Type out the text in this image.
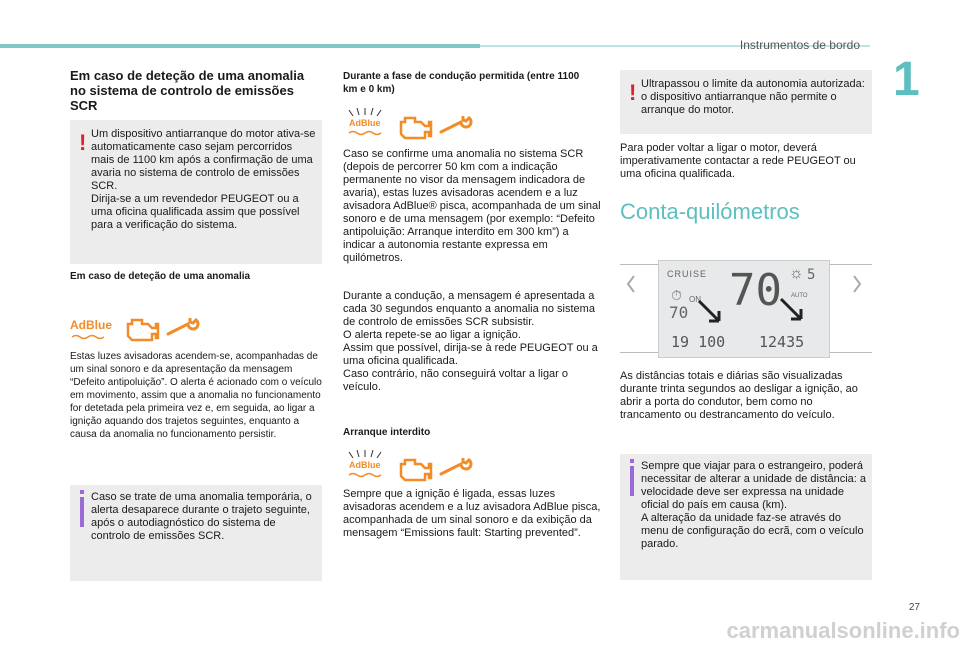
Instrumentos de bordo
1
Em caso de deteção de uma anomalia no sistema de controlo de emissões SCR
! Um dispositivo antiarranque do motor ativa-se automaticamente caso sejam percorridos mais de 1100 km após a confirmação de uma avaria no sistema de controlo de emissões SCR.
Dirija-se a um revendedor PEUGEOT ou a uma oficina qualificada assim que possível para a verificação do sistema.
Em caso de deteção de uma anomalia
AdBlue
Estas luzes avisadoras acendem-se, acompanhadas de um sinal sonoro e da apresentação da mensagem “Defeito antipoluição”. O alerta é acionado com o veículo em movimento, assim que a anomalia no funcionamento for detetada pela primeira vez e, em seguida, ao ligar a ignição aquando dos trajetos seguintes, enquanto a causa da anomalia no funcionamento persistir.
Caso se trate de uma anomalia temporária, o alerta desaparece durante o trajeto seguinte, após o autodiagnóstico do sistema de controlo de emissões SCR.
Durante a fase de condução permitida (entre 1100 km e 0 km)
AdBlue
Caso se confirme uma anomalia no sistema SCR (depois de percorrer 50 km com a indicação permanente no visor da mensagem indicadora de avaria), estas luzes avisadoras acendem e a luz avisadora AdBlue® pisca, acompanhada de um sinal sonoro e de uma mensagem (por exemplo: “Defeito antipoluição: Arranque interdito em 300 km”) a indicar a autonomia restante expressa em quilómetros.
Durante a condução, a mensagem é apresentada a cada 30 segundos enquanto a anomalia no sistema de controlo de emissões SCR subsistir.
O alerta repete-se ao ligar a ignição.
Assim que possível, dirija-se à rede PEUGEOT ou a uma oficina qualificada.
Caso contrário, não conseguirá voltar a ligar o veículo.
Arranque interdito
AdBlue
Sempre que a ignição é ligada, essas luzes avisadoras acendem e a luz avisadora AdBlue pisca, acompanhada de um sinal sonoro e da exibição da mensagem “Emissions fault: Starting prevented”.
! Ultrapassou o limite da autonomia autorizada: o dispositivo antiarranque não permite o arranque do motor.
Para poder voltar a ligar o motor, deverá imperativamente contactar a rede PEUGEOT ou uma oficina qualificada.
Conta-quilómetros
CRUISE 70 ☼ 5
⏱ ON
70
AUTO
19 100 12435
As distâncias totais e diárias são visualizadas durante trinta segundos ao desligar a ignição, ao abrir a porta do condutor, bem como no trancamento ou destrancamento do veículo.
Sempre que viajar para o estrangeiro, poderá necessitar de alterar a unidade de distância: a velocidade deve ser expressa na unidade oficial do país em causa (km).
A alteração da unidade faz-se através do menu de configuração do ecrã, com o veículo parado.
27
carmanualsonline.info
